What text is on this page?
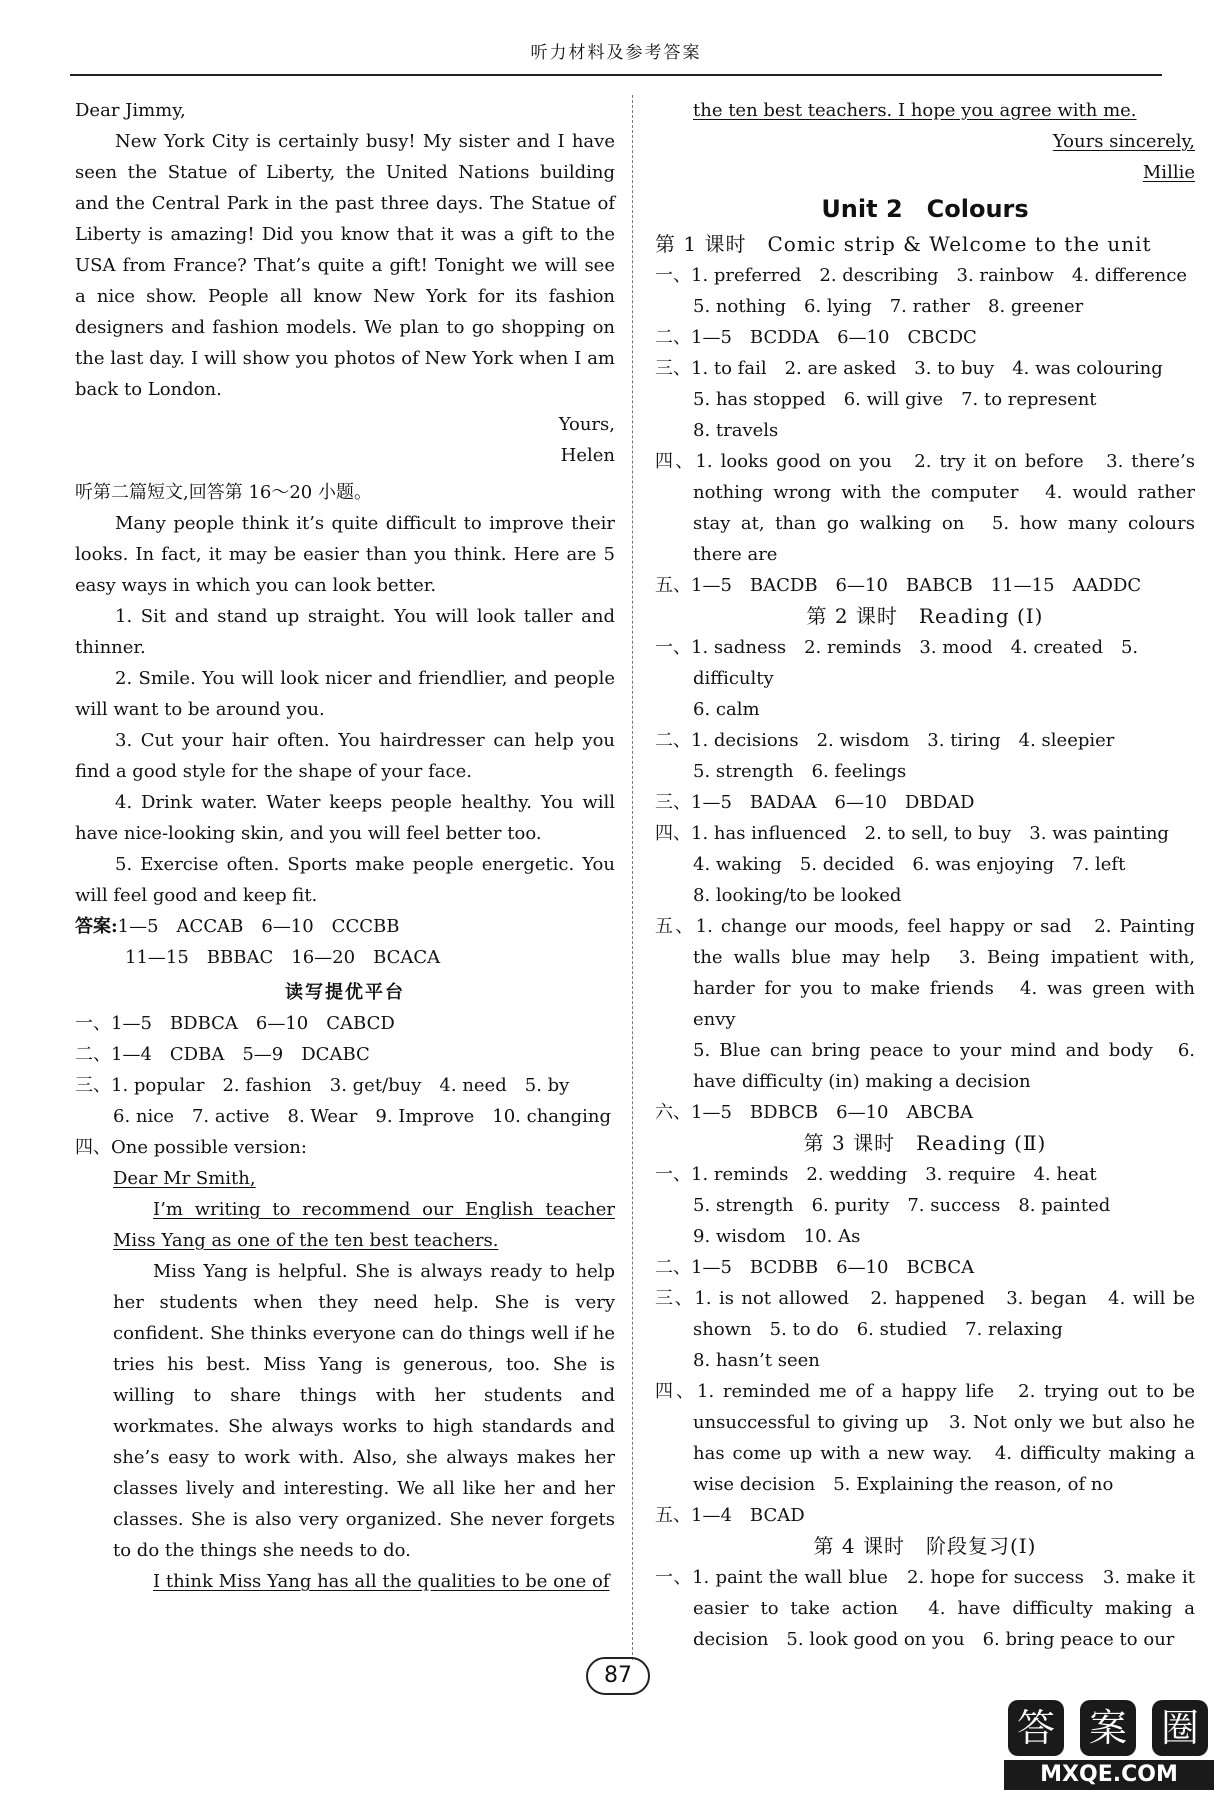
听力材料及参考答案

Dear Jimmy,

New York City is certainly busy! My sister and I have seen the Statue of Liberty, the United Nations building and the Central Park in the past three days. The Statue of Liberty is amazing! Did you know that it was a gift to the USA from France? That’s quite a gift! Tonight we will see a nice show. People all know New York for its fashion designers and fashion models. We plan to go shopping on the last day. I will show you photos of New York when I am back to London.

Yours,

Helen

听第二篇短文,回答第 16～20 小题。

Many people think it’s quite difficult to improve their looks. In fact, it may be easier than you think. Here are 5 easy ways in which you can look better.

1. Sit and stand up straight. You will look taller and thinner.

2. Smile. You will look nicer and friendlier, and people will want to be around you.

3. Cut your hair often. You hairdresser can help you find a good style for the shape of your face.

4. Drink water. Water keeps people healthy. You will have nice-looking skin, and you will feel better too.

5. Exercise often. Sports make people energetic. You will feel good and keep fit.

答案:1—5　ACCAB　6—10　CCCBB

11—15　BBBAC　16—20　BCACA

读写提优平台

一、1—5　BDBCA　6—10　CABCD

二、1—4　CDBA　5—9　DCABC

三、1. popular　2. fashion　3. get/buy　4. need　5. by

6. nice　7. active　8. Wear　9. Improve　10. changing

四、One possible version:

Dear Mr Smith,

I’m writing to recommend our English teacher Miss Yang as one of the ten best teachers.

Miss Yang is helpful. She is always ready to help her students when they need help. She is very confident. She thinks everyone can do things well if he tries his best. Miss Yang is generous, too. She is willing to share things with her students and workmates. She always works to high standards and she’s easy to work with. Also, she always makes her classes lively and interesting. We all like her and her classes. She is also very organized. She never forgets to do the things she needs to do.

I think Miss Yang has all the qualities to be one of

the ten best teachers. I hope you agree with me.

Yours sincerely,

Millie

Unit 2　Colours

第 1 课时　Comic strip & Welcome to the unit

一、1. preferred　2. describing　3. rainbow　4. difference

5. nothing　6. lying　7. rather　8. greener

二、1—5　BCDDA　6—10　CBCDC

三、1. to fail　2. are asked　3. to buy　4. was colouring

5. has stopped　6. will give　7. to represent

8. travels

四、1. looks good on you　2. try it on before　3. there’s nothing wrong with the computer　4. would rather stay at, than go walking on　5. how many colours there are

五、1—5　BACDB　6—10　BABCB　11—15　AADDC

第 2 课时　Reading (Ⅰ)

一、1. sadness　2. reminds　3. mood　4. created　5. difficulty

6. calm

二、1. decisions　2. wisdom　3. tiring　4. sleepier

5. strength　6. feelings

三、1—5　BADAA　6—10　DBDAD

四、1. has influenced　2. to sell, to buy　3. was painting

4. waking　5. decided　6. was enjoying　7. left

8. looking/to be looked

五、1. change our moods, feel happy or sad　2. Painting the walls blue may help　3. Being impatient with, harder for you to make friends　4. was green with envy

5. Blue can bring peace to your mind and body　6. have difficulty (in) making a decision

六、1—5　BDBCB　6—10　ABCBA

第 3 课时　Reading (Ⅱ)

一、1. reminds　2. wedding　3. require　4. heat

5. strength　6. purity　7. success　8. painted

9. wisdom　10. As

二、1—5　BCDBB　6—10　BCBCA

三、1. is not allowed　2. happened　3. began　4. will be shown　5. to do　6. studied　7. relaxing

8. hasn’t seen

四、1. reminded me of a happy life　2. trying out to be unsuccessful to giving up　3. Not only we but also he has come up with a new way.　4. difficulty making a wise decision　5. Explaining the reason, of no

五、1—4　BCAD

第 4 课时　阶段复习(Ⅰ)

一、1. paint the wall blue　2. hope for success　3. make it easier to take action　4. have difficulty making a decision　5. look good on you　6. bring peace to our

87
答 案 圈
MXQE.COM
